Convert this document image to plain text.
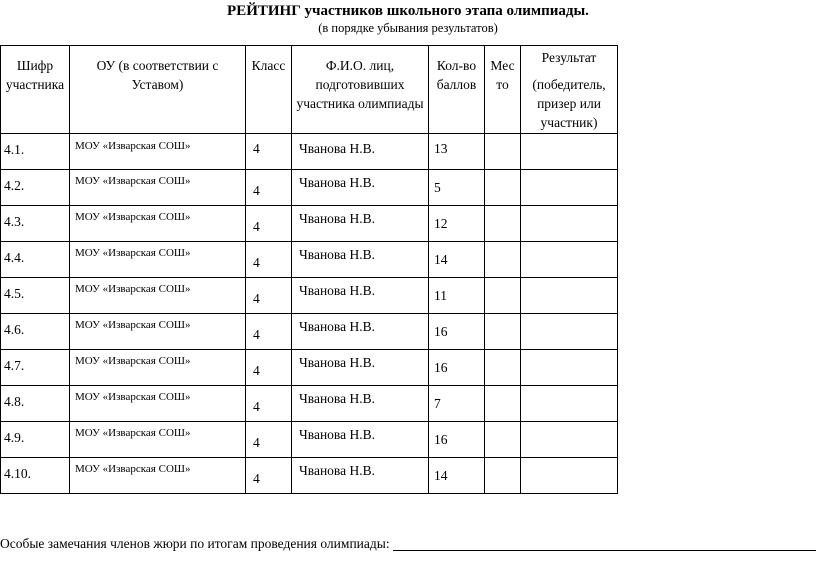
РЕЙТИНГ участников школьного этапа олимпиады.
(в порядке убывания результатов)
Шифр участника	ОУ (в соответствии с Уставом)	Класс	Ф.И.О. лиц, подготовивших участника олимпиады	Кол-во баллов	Мес то	Результат
(победитель, призер или участник)

4.1.	МОУ «Изварская СОШ»	4	Чванова Н.В.	13		
4.2.	МОУ «Изварская СОШ»	4	Чванова Н.В.	5		
4.3.	МОУ «Изварская СОШ»	4	Чванова Н.В.	12		
4.4.	МОУ «Изварская СОШ»	4	Чванова Н.В.	14		
4.5.	МОУ «Изварская СОШ»	4	Чванова Н.В.	11		
4.6.	МОУ «Изварская СОШ»	4	Чванова Н.В.	16		
4.7.	МОУ «Изварская СОШ»	4	Чванова Н.В.	16		
4.8.	МОУ «Изварская СОШ»	4	Чванова Н.В.	7		
4.9.	МОУ «Изварская СОШ»	4	Чванова Н.В.	16		
4.10.	МОУ «Изварская СОШ»	4	Чванова Н.В.	14		
Особые замечания членов жюри по итогам проведения олимпиады:
